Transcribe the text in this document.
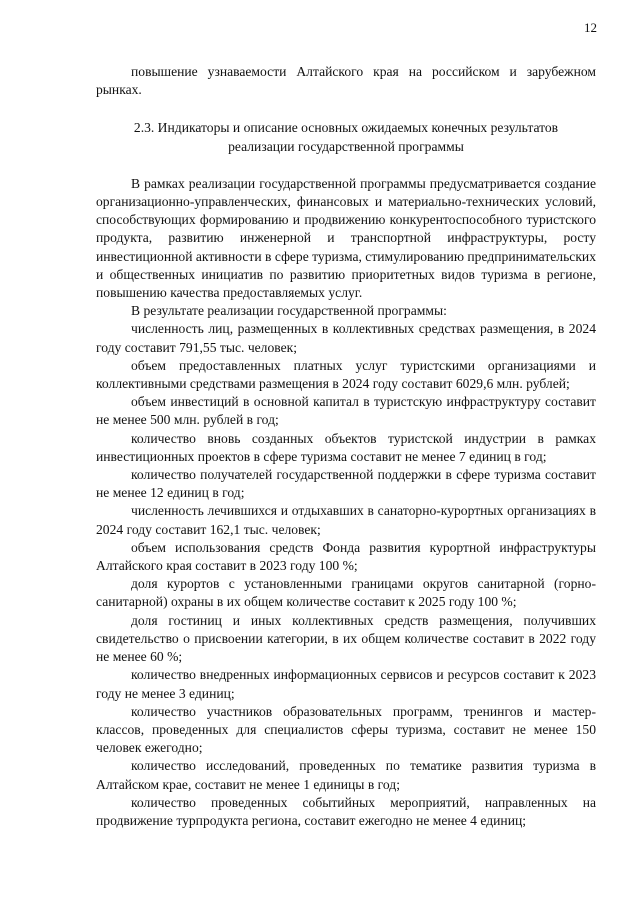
12

повышение узнаваемости Алтайского края на российском и зарубежном рынках.

2.3. Индикаторы и описание основных ожидаемых конечных результатов
реализации государственной программы

В рамках реализации государственной программы предусматривается создание организационно-управленческих, финансовых и материально-технических условий, способствующих формированию и продвижению конкурентоспособного туристского продукта, развитию инженерной и транспортной инфраструктуры, росту инвестиционной активности в сфере туризма, стимулированию предпринимательских и общественных инициатив по развитию приоритетных видов туризма в регионе, повышению качества предоставляемых услуг.

В результате реализации государственной программы:

численность лиц, размещенных в коллективных средствах размещения, в 2024 году составит 791,55 тыс. человек;

объем предоставленных платных услуг туристскими организациями и коллективными средствами размещения в 2024 году составит 6029,6 млн. рублей;

объем инвестиций в основной капитал в туристскую инфраструктуру составит не менее 500 млн. рублей в год;

количество вновь созданных объектов туристской индустрии в рамках инвестиционных проектов в сфере туризма составит не менее 7 единиц в год;

количество получателей государственной поддержки в сфере туризма составит не менее 12 единиц в год;

численность лечившихся и отдыхавших в санаторно-курортных организациях в 2024 году составит 162,1 тыс. человек;

объем использования средств Фонда развития курортной инфраструктуры Алтайского края составит в 2023 году 100 %;

доля курортов с установленными границами округов санитарной (горно-санитарной) охраны в их общем количестве составит к 2025 году 100 %;

доля гостиниц и иных коллективных средств размещения, получивших свидетельство о присвоении категории, в их общем количестве составит в 2022 году не менее 60 %;

количество внедренных информационных сервисов и ресурсов составит к 2023 году не менее 3 единиц;

количество участников образовательных программ, тренингов и мастер-классов, проведенных для специалистов сферы туризма, составит не менее 150 человек ежегодно;

количество исследований, проведенных по тематике развития туризма в Алтайском крае, составит не менее 1 единицы в год;

количество проведенных событийных мероприятий, направленных на продвижение турпродукта региона, составит ежегодно не менее 4 единиц;
